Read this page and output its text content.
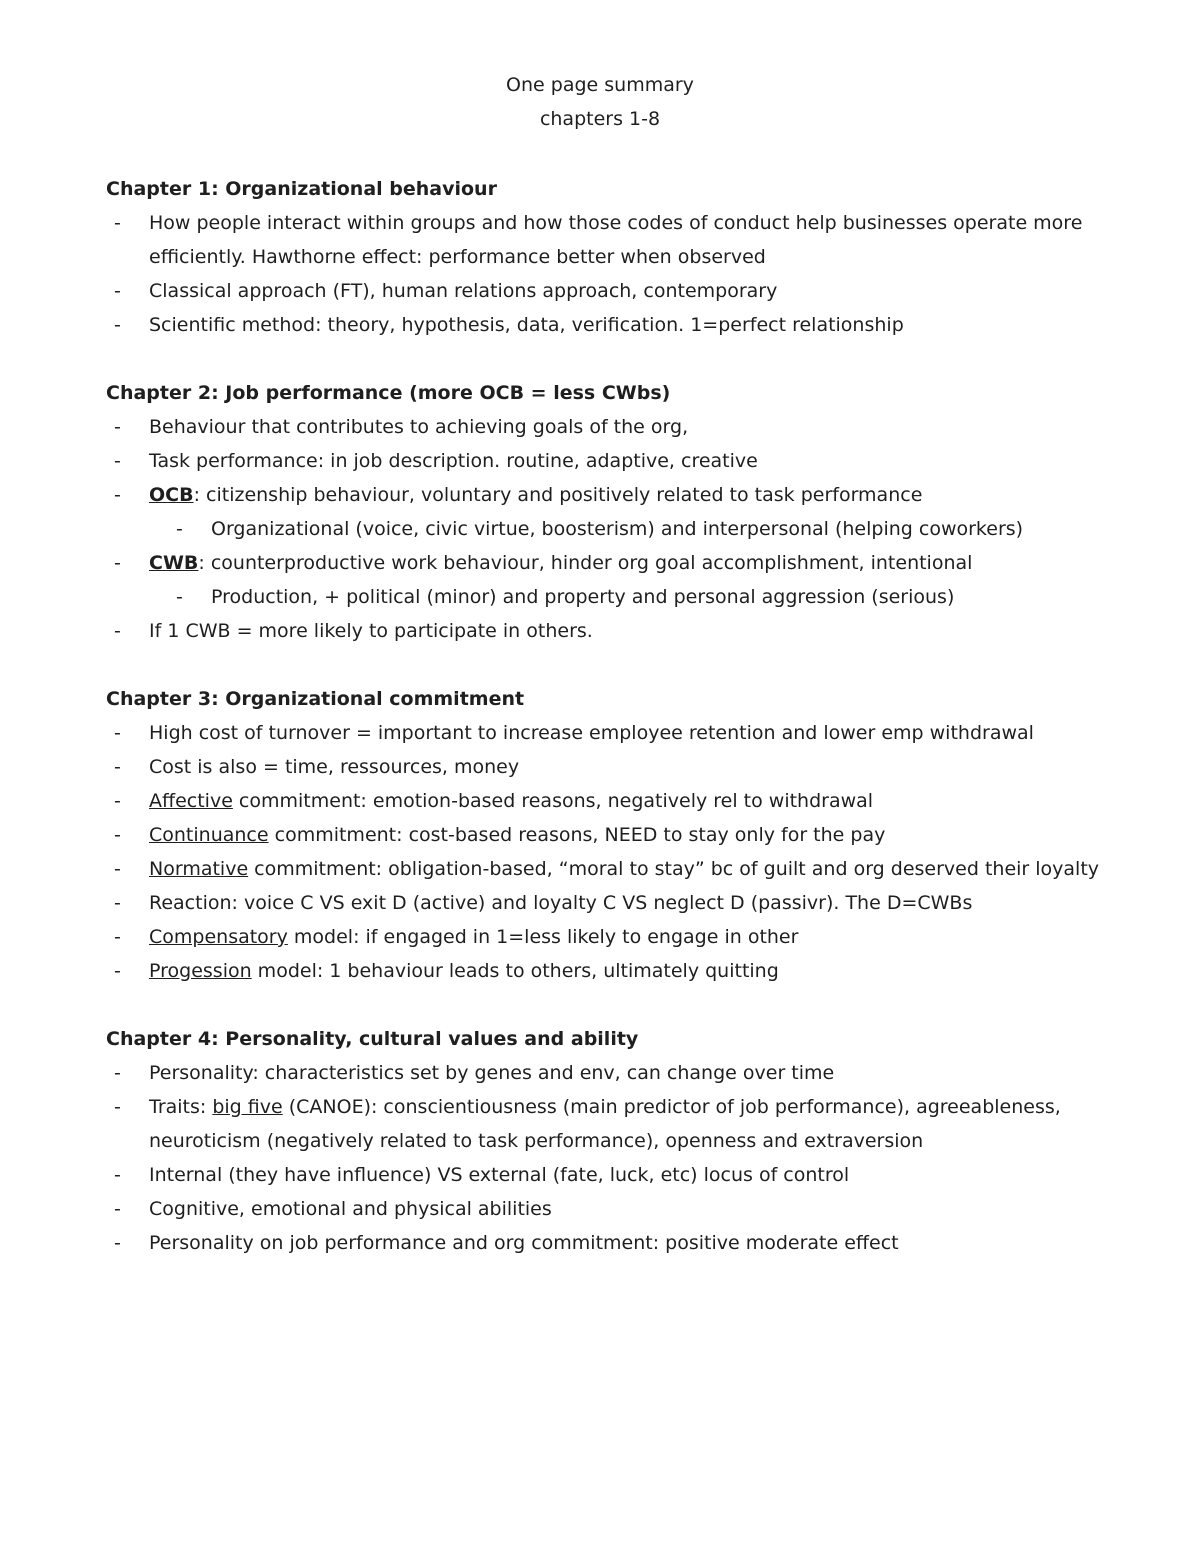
One page summary
chapters 1-8
Chapter 1: Organizational behaviour
- How people interact within groups and how those codes of conduct help businesses operate more efficiently. Hawthorne effect: performance better when observed
- Classical approach (FT), human relations approach, contemporary
- Scientific method: theory, hypothesis, data, verification. 1=perfect relationship
Chapter 2: Job performance (more OCB = less CWbs)
- Behaviour that contributes to achieving goals of the org,
- Task performance: in job description. routine, adaptive, creative
- OCB: citizenship behaviour, voluntary and positively related to task performance
- Organizational (voice, civic virtue, boosterism) and interpersonal (helping coworkers)
- CWB: counterproductive work behaviour, hinder org goal accomplishment, intentional
- Production, + political (minor) and property and personal aggression (serious)
- If 1 CWB = more likely to participate in others.
Chapter 3: Organizational commitment
- High cost of turnover = important to increase employee retention and lower emp withdrawal
- Cost is also = time, ressources, money
- Affective commitment: emotion-based reasons, negatively rel to withdrawal
- Continuance commitment: cost-based reasons, NEED to stay only for the pay
- Normative commitment: obligation-based, “moral to stay” bc of guilt and org deserved their loyalty
- Reaction: voice C VS exit D (active) and loyalty C VS neglect D (passivr). The D=CWBs
- Compensatory model: if engaged in 1=less likely to engage in other
- Progession model: 1 behaviour leads to others, ultimately quitting
Chapter 4: Personality, cultural values and ability
- Personality: characteristics set by genes and env, can change over time
- Traits: big five (CANOE): conscientiousness (main predictor of job performance), agreeableness, neuroticism (negatively related to task performance), openness and extraversion
- Internal (they have influence) VS external (fate, luck, etc) locus of control
- Cognitive, emotional and physical abilities
- Personality on job performance and org commitment: positive moderate effect
